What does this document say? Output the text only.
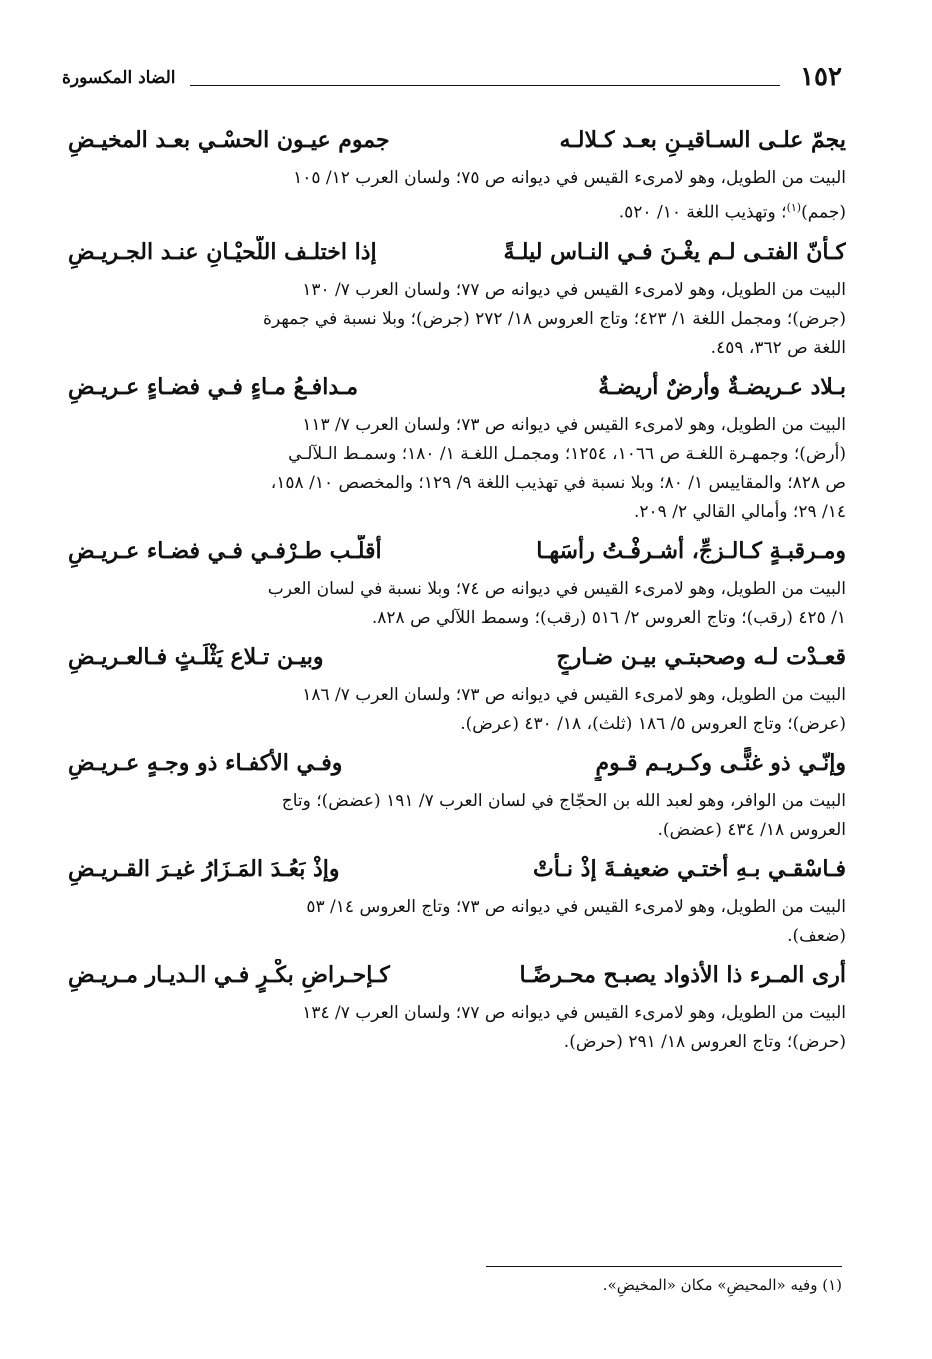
١٥٢
الضاد المكسورة
يجمّ علـى السـاقيـنِ بعـد كـلالـه
جموم عيـون الحسْـي بعـد المخيـضِ

البيت من الطويل، وهو لامرىء القيس في ديوانه ص ٧٥؛ ولسان العرب ١٢/ ١٠٥
(جمم)$^{(١)}$؛ وتهذيب اللغة ١٠/ ٥٢٠.

كـأنّ الفتـى لـم يغْـنَ فـي النـاس ليلـةً
إذا اختلـف اللّحيْـانِ عنـد الجـريـضِ

البيت من الطويل، وهو لامرىء القيس في ديوانه ص ٧٧؛ ولسان العرب ٧/ ١٣٠
(جرض)؛ ومجمل اللغة ١/ ٤٢٣؛ وتاج العروس ١٨/ ٢٧٢ (جرض)؛ وبلا نسبة في جمهرة
اللغة ص ٣٦٢، ٤٥٩.

بـلاد عـريضـةٌ وأرضٌ أريضـةٌ
مـدافـعُ مـاءٍ فـي فضـاءٍ عـريـضِ

البيت من الطويل، وهو لامرىء القيس في ديوانه ص ٧٣؛ ولسان العرب ٧/ ١١٣
(أرض)؛ وجمهـرة اللغـة ص ١٠٦٦، ١٢٥٤؛ ومجمـل اللغـة ١/ ١٨٠؛ وسمـط الـلآلـي
ص ٨٢٨؛ والمقاييس ١/ ٨٠؛ وبلا نسبة في تهذيب اللغة ٩/ ١٢٩؛ والمخصص ١٠/ ١٥٨،
١٤/ ٢٩؛ وأمالي القالي ٢/ ٢٠٩.

ومـرقبـةٍ كـالـزجِّ، أشـرفْـتُ رأسَهـا
أقلّـب طـرْفـي فـي فضـاء عـريـضِ

البيت من الطويل، وهو لامرىء القيس في ديوانه ص ٧٤؛ وبلا نسبة في لسان العرب
١/ ٤٢٥ (رقب)؛ وتاج العروس ٢/ ٥١٦ (رقب)؛ وسمط اللآلي ص ٨٢٨.

قعـدْت لـه وصحبتـي بيـن ضـارجٍ
وبيـن تـلاع يَثْلَـثٍ فـالعـريـضِ

البيت من الطويل، وهو لامرىء القيس في ديوانه ص ٧٣؛ ولسان العرب ٧/ ١٨٦
(عرض)؛ وتاج العروس ٥/ ١٨٦ (ثلث)، ١٨/ ٤٣٠ (عرض).

وإنّـي ذو غنًّـى وكـريـم قـومٍ
وفـي الأكفـاء ذو وجـهٍ عـريـضِ

البيت من الوافر، وهو لعبد الله بن الحجّاج في لسان العرب ٧/ ١٩١ (عضض)؛ وتاج
العروس ١٨/ ٤٣٤ (عضض).

فـاسْقـي بـهِ أختـي ضعيفـةَ إذْ نـأَتْ
وإذْ بَعُـدَ المَـزَارُ غيـرَ القـريـضِ

البيت من الطويل، وهو لامرىء القيس في ديوانه ص ٧٣؛ وتاج العروس ١٤/ ٥٣
(ضعف).

أرى المـرء ذا الأذواد يصبـح محـرضًـا
كـإحـراضِ بكْـرٍ فـي الـديـار مـريـضِ

البيت من الطويل، وهو لامرىء القيس في ديوانه ص ٧٧؛ ولسان العرب ٧/ ١٣٤
(حرض)؛ وتاج العروس ١٨/ ٢٩١ (حرض).

(١) وفيه «المحيضِ» مكان «المخيضِ».
